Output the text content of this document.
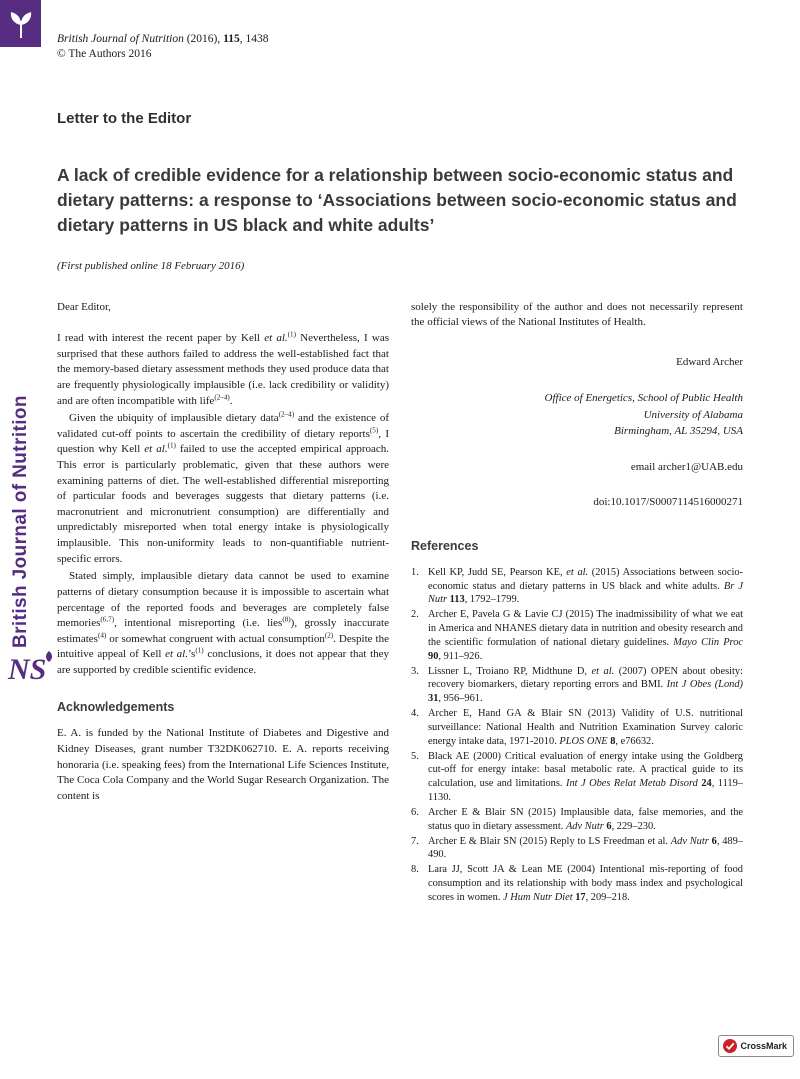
British Journal of Nutrition
NS
British Journal of Nutrition (2016), 115, 1438
© The Authors 2016
Letter to the Editor
A lack of credible evidence for a relationship between socio-economic status and dietary patterns: a response to ‘Associations between socio-economic status and dietary patterns in US black and white adults’
(First published online 18 February 2016)

Dear Editor,

I read with interest the recent paper by Kell et al.$^{(1)}$ Nevertheless, I was surprised that these authors failed to address the well-established fact that the memory-based dietary assessment methods they used produce data that are frequently physiologically implausible (i.e. lack credibility or validity) and are often incompatible with life$^{(2-4)}$.

Given the ubiquity of implausible dietary data$^{(2-4)}$ and the existence of validated cut-off points to ascertain the credibility of dietary reports$^{(5)}$, I question why Kell et al.$^{(1)}$ failed to use the accepted empirical approach. This error is particularly problematic, given that these authors were examining patterns of diet. The well-established differential misreporting of particular foods and beverages suggests that dietary patterns (i.e. macronutrient and micronutrient consumption) are differentially and unpredictably misreported when total energy intake is physiologically implausible. This non-uniformity leads to non-quantifiable nutrient-specific errors.

Stated simply, implausible dietary data cannot be used to examine patterns of dietary consumption because it is impossible to ascertain what percentage of the reported foods and beverages are completely false memories$^{(6,7)}$, intentional misreporting (i.e. lies$^{(8)}$), grossly inaccurate estimates$^{(4)}$ or somewhat congruent with actual consumption$^{(2)}$. Despite the intuitive appeal of Kell et $al.’s^{(1)}$ conclusions, it does not appear that they are supported by credible scientific evidence.

Acknowledgements

E. A. is funded by the National Institute of Diabetes and Digestive and Kidney Diseases, grant number T32DK062710. E. A. reports receiving honoraria (i.e. speaking fees) from the International Life Sciences Institute, The Coca Cola Company and the World Sugar Research Organization. The content is

solely the responsibility of the author and does not necessarily represent the official views of the National Institutes of Health.

Edward Archer
Office of Energetics, School of Public Health
University of Alabama
Birmingham, AL 35294, USA
email archer1@UAB.edu
doi:10.1017/S0007114516000271
References
1. Kell KP, Judd SE, Pearson KE, et al. (2015) Associations between socio-economic status and dietary patterns in US black and white adults. Br J Nutr 113, 1792–1799.
2. Archer E, Pavela G & Lavie CJ (2015) The inadmissibility of what we eat in America and NHANES dietary data in nutrition and obesity research and the scientific formulation of national dietary guidelines. Mayo Clin Proc 90, 911–926.
3. Lissner L, Troiano RP, Midthune D, et al. (2007) OPEN about obesity: recovery biomarkers, dietary reporting errors and BMI. Int J Obes (Lond) 31, 956–961.
4. Archer E, Hand GA & Blair SN (2013) Validity of U.S. nutritional surveillance: National Health and Nutrition Examination Survey caloric energy intake data, 1971-2010. PLOS ONE 8, e76632.
5. Black AE (2000) Critical evaluation of energy intake using the Goldberg cut-off for energy intake: basal metabolic rate. A practical guide to its calculation, use and limitations. Int J Obes Relat Metab Disord 24, 1119–1130.
6. Archer E & Blair SN (2015) Implausible data, false memories, and the status quo in dietary assessment. Adv Nutr 6, 229–230.
7. Archer E & Blair SN (2015) Reply to LS Freedman et al. Adv Nutr 6, 489–490.
8. Lara JJ, Scott JA & Lean ME (2004) Intentional mis-reporting of food consumption and its relationship with body mass index and psychological scores in women. J Hum Nutr Diet 17, 209–218.
CrossMark
